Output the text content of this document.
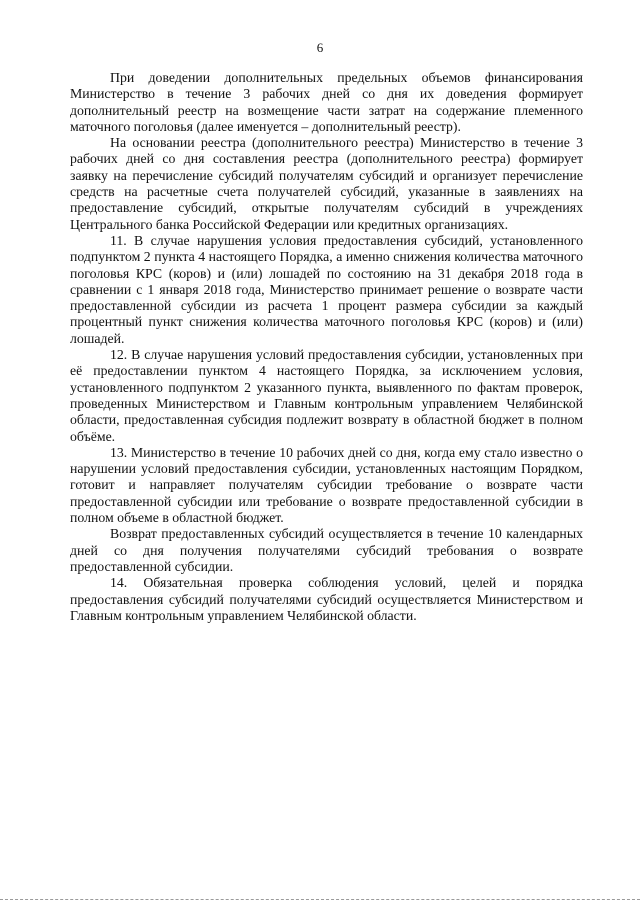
6

При доведении дополнительных предельных объемов финансирования Министерство в течение 3 рабочих дней со дня их доведения формирует дополнительный реестр на возмещение части затрат на содержание племенного маточного поголовья (далее именуется – дополнительный реестр).

На основании реестра (дополнительного реестра) Министерство в течение 3 рабочих дней со дня составления реестра (дополнительного реестра) формирует заявку на перечисление субсидий получателям субсидий и организует перечисление средств на расчетные счета получателей субсидий, указанные в заявлениях на предоставление субсидий, открытые получателям субсидий в учреждениях Центрального банка Российской Федерации или кредитных организациях.

11. В случае нарушения условия предоставления субсидий, установленного подпунктом 2 пункта 4 настоящего Порядка, а именно снижения количества маточного поголовья КРС (коров) и (или) лошадей по состоянию на 31 декабря 2018 года в сравнении с 1 января 2018 года, Министерство принимает решение о возврате части предоставленной субсидии из расчета 1 процент размера субсидии за каждый процентный пункт снижения количества маточного поголовья КРС (коров) и (или) лошадей.

12. В случае нарушения условий предоставления субсидии, установленных при её предоставлении пунктом 4 настоящего Порядка, за исключением условия, установленного подпунктом 2 указанного пункта, выявленного по фактам проверок, проведенных Министерством и Главным контрольным управлением Челябинской области, предоставленная субсидия подлежит возврату в областной бюджет в полном объёме.

13. Министерство в течение 10 рабочих дней со дня, когда ему стало известно о нарушении условий предоставления субсидии, установленных настоящим Порядком, готовит и направляет получателям субсидии требование о возврате части предоставленной субсидии или требование о возврате предоставленной субсидии в полном объеме в областной бюджет.

Возврат предоставленных субсидий осуществляется в течение 10 календарных дней со дня получения получателями субсидий требования о возврате предоставленной субсидии.

14. Обязательная проверка соблюдения условий, целей и порядка предоставления субсидий получателями субсидий осуществляется Министерством и Главным контрольным управлением Челябинской области.
